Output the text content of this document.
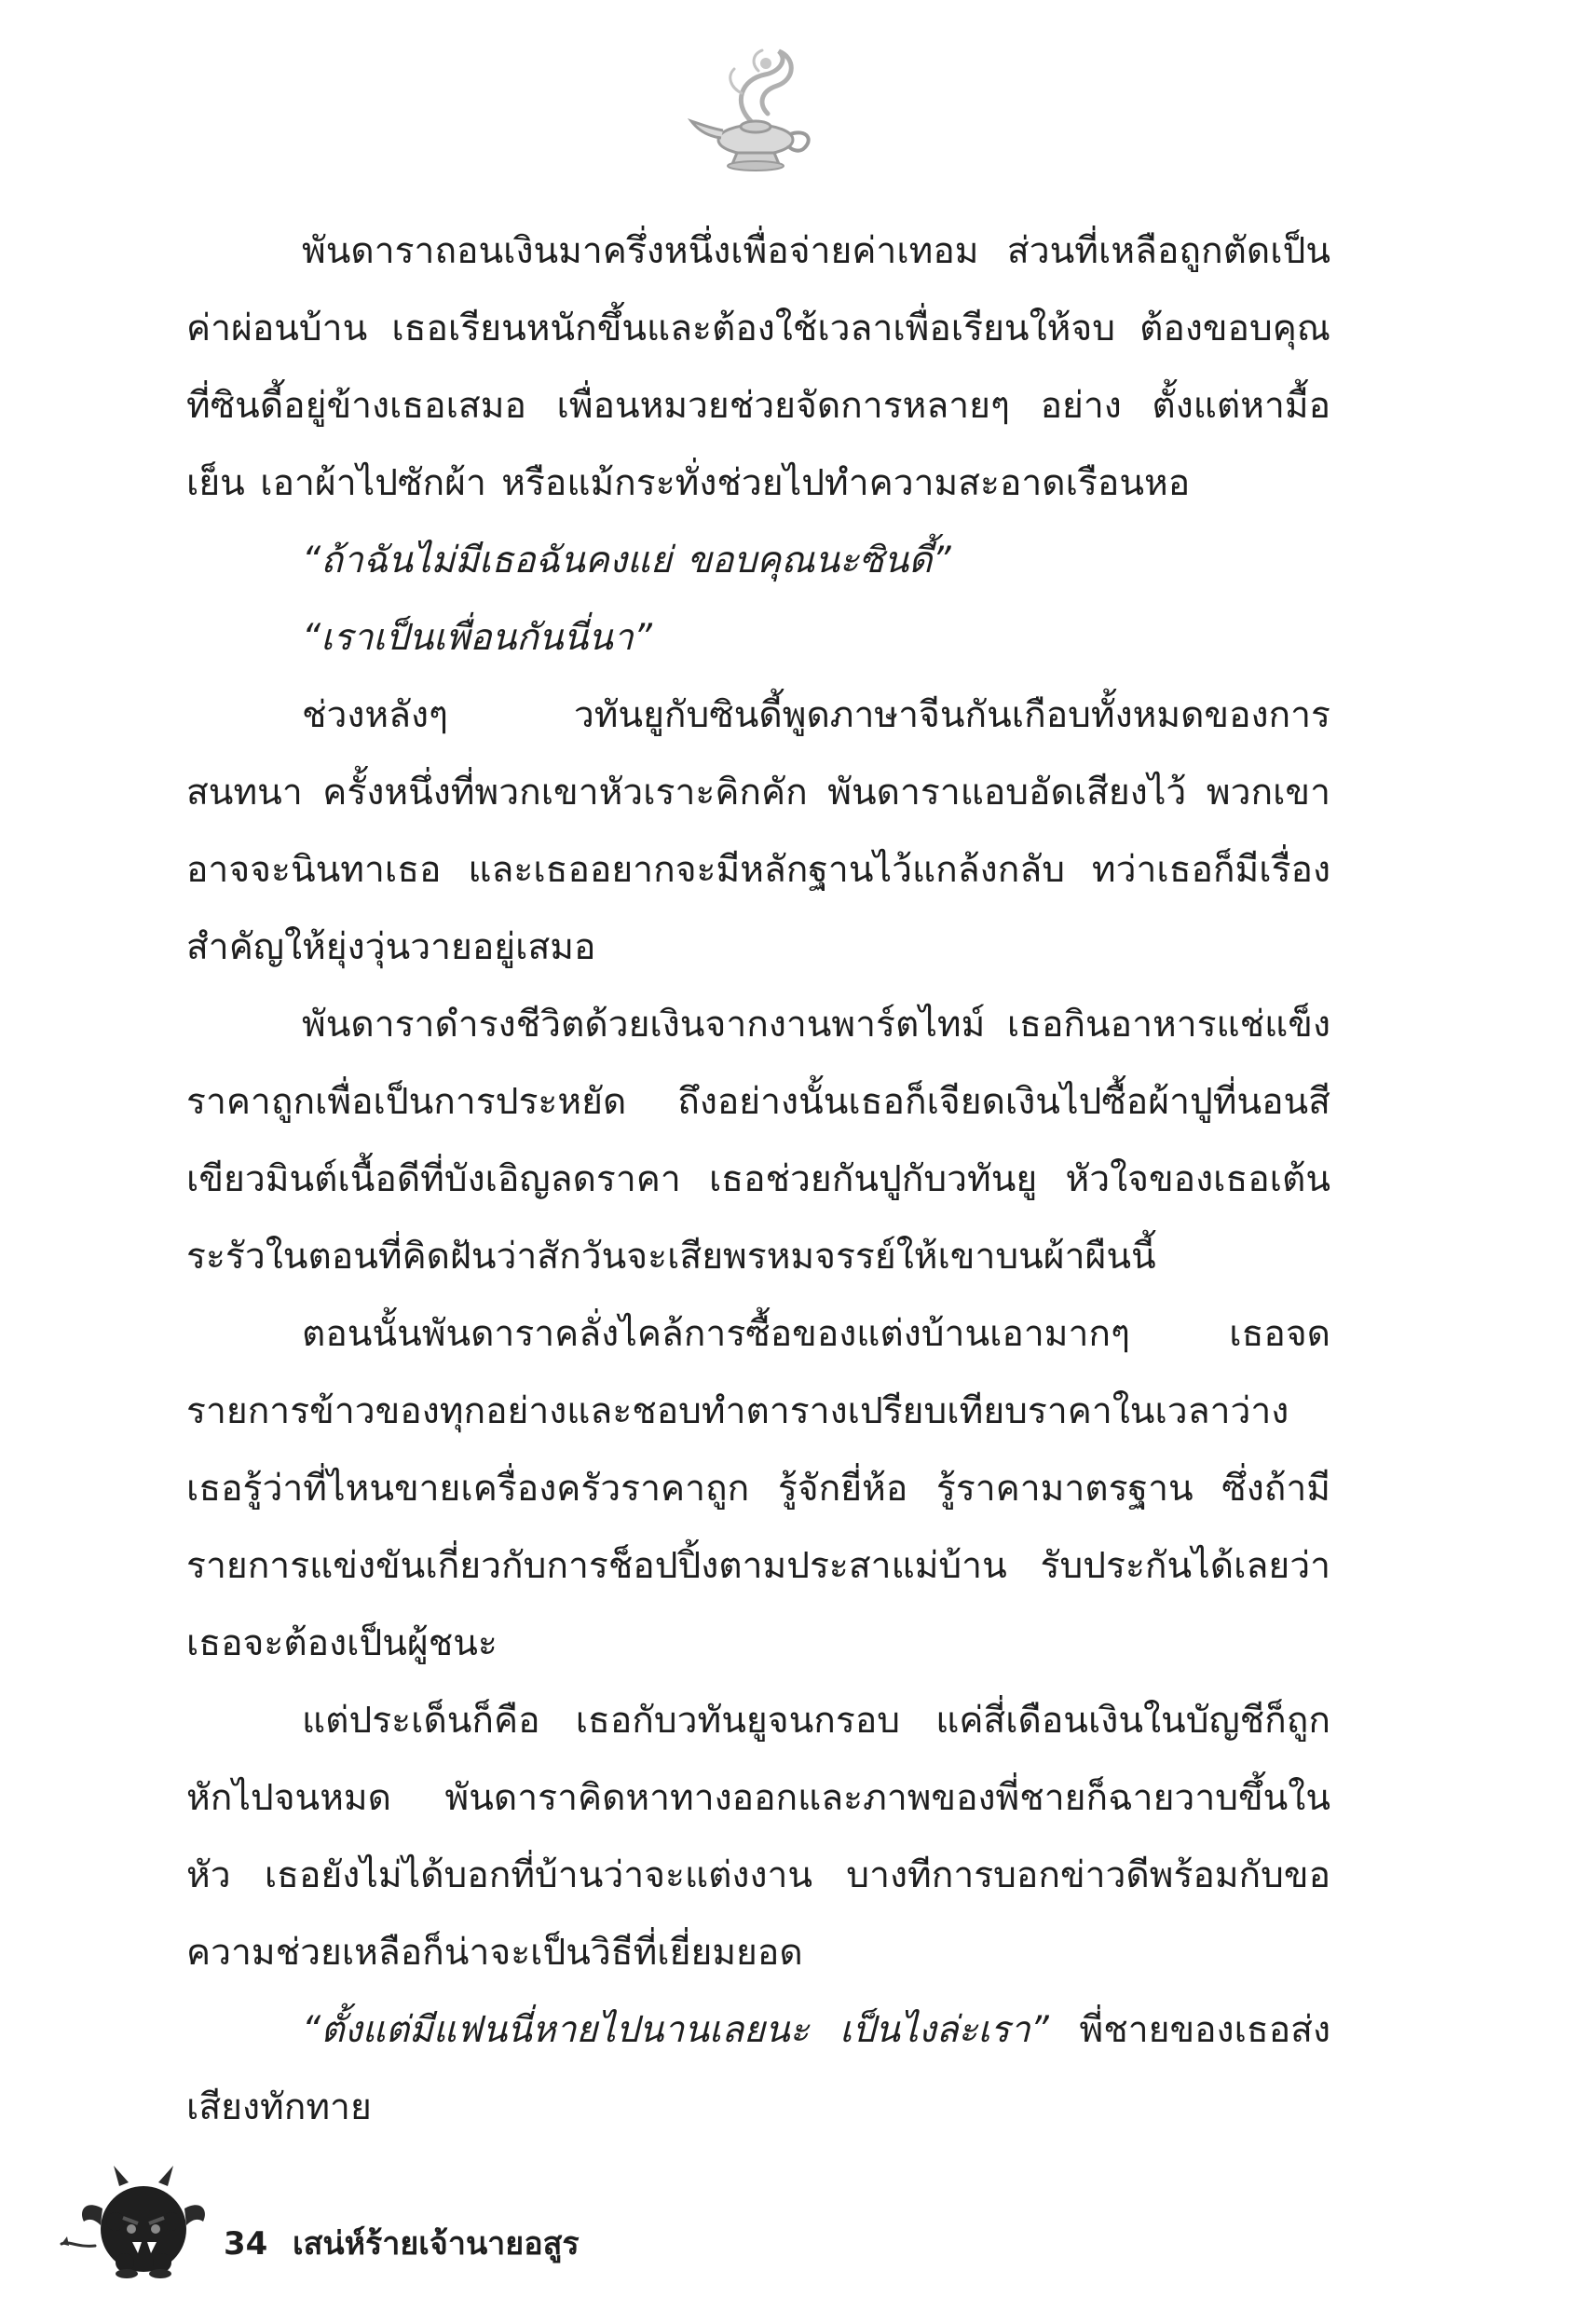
พันดาราถอนเงินมาครึ่งหนึ่งเพื่อจ่ายค่าเทอม ส่วนที่เหลือถูกตัดเป็นค่าผ่อนบ้าน เธอเรียนหนักขึ้นและต้องใช้เวลาเพื่อเรียนให้จบ ต้องขอบคุณที่ซินดี้อยู่ข้างเธอเสมอ เพื่อนหมวยช่วยจัดการหลายๆ อย่าง ตั้งแต่หามื้อเย็น เอาผ้าไปซักผ้า หรือแม้กระทั่งช่วยไปทำความสะอาดเรือนหอ

“ถ้าฉันไม่มีเธอฉันคงแย่ ขอบคุณนะซินดี้”

“เราเป็นเพื่อนกันนี่นา”

ช่วงหลังๆ วทันยูกับซินดี้พูดภาษาจีนกันเกือบทั้งหมดของการสนทนา ครั้งหนึ่งที่พวกเขาหัวเราะคิกคัก พันดาราแอบอัดเสียงไว้ พวกเขาอาจจะนินทาเธอ และเธออยากจะมีหลักฐานไว้แกล้งกลับ ทว่าเธอก็มีเรื่องสำคัญให้ยุ่งวุ่นวายอยู่เสมอ

พันดาราดำรงชีวิตด้วยเงินจากงานพาร์ตไทม์ เธอกินอาหารแช่แข็งราคาถูกเพื่อเป็นการประหยัด ถึงอย่างนั้นเธอก็เจียดเงินไปซื้อผ้าปูที่นอนสีเขียวมินต์เนื้อดีที่บังเอิญลดราคา เธอช่วยกันปูกับวทันยู หัวใจของเธอเต้นระรัวในตอนที่คิดฝันว่าสักวันจะเสียพรหมจรรย์ให้เขาบนผ้าผืนนี้

ตอนนั้นพันดาราคลั่งไคล้การซื้อของแต่งบ้านเอามากๆ เธอจดรายการข้าวของทุกอย่างและชอบทำตารางเปรียบเทียบราคาในเวลาว่าง เธอรู้ว่าที่ไหนขายเครื่องครัวราคาถูก รู้จักยี่ห้อ รู้ราคามาตรฐาน ซึ่งถ้ามีรายการแข่งขันเกี่ยวกับการช็อปปิ้งตามประสาแม่บ้าน รับประกันได้เลยว่าเธอจะต้องเป็นผู้ชนะ

แต่ประเด็นก็คือ เธอกับวทันยูจนกรอบ แค่สี่เดือนเงินในบัญชีก็ถูกหักไปจนหมด พันดาราคิดหาทางออกและภาพของพี่ชายก็ฉายวาบขึ้นในหัว เธอยังไม่ได้บอกที่บ้านว่าจะแต่งงาน บางทีการบอกข่าวดีพร้อมกับขอความช่วยเหลือก็น่าจะเป็นวิธีที่เยี่ยมยอด

“ตั้งแต่มีแฟนนี่หายไปนานเลยนะ เป็นไงล่ะเรา” พี่ชายของเธอส่งเสียงทักทาย

34 เสน่ห์ร้ายเจ้านายอสูร
